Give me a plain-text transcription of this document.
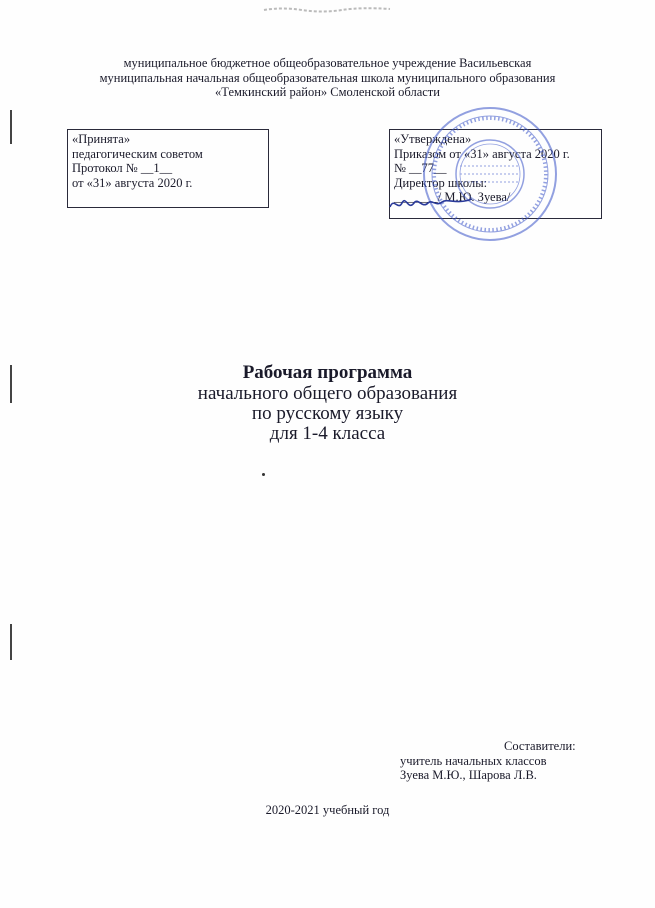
муниципальное бюджетное общеобразовательное учреждение Васильевская
муниципальная начальная общеобразовательная школа муниципального образования
«Темкинский район» Смоленской области
«Принята»
педагогическим советом
Протокол № __1__
от «31» августа 2020 г.
«Утверждена»
Приказом от «31» августа 2020 г.
№ __77__
Директор школы:
_______/ М.Ю. Зуева/
Рабочая программа
начального общего образования
по русскому языку
для 1-4 класса
Составители:
учитель начальных классов
Зуева М.Ю., Шарова Л.В.
2020-2021 учебный год
